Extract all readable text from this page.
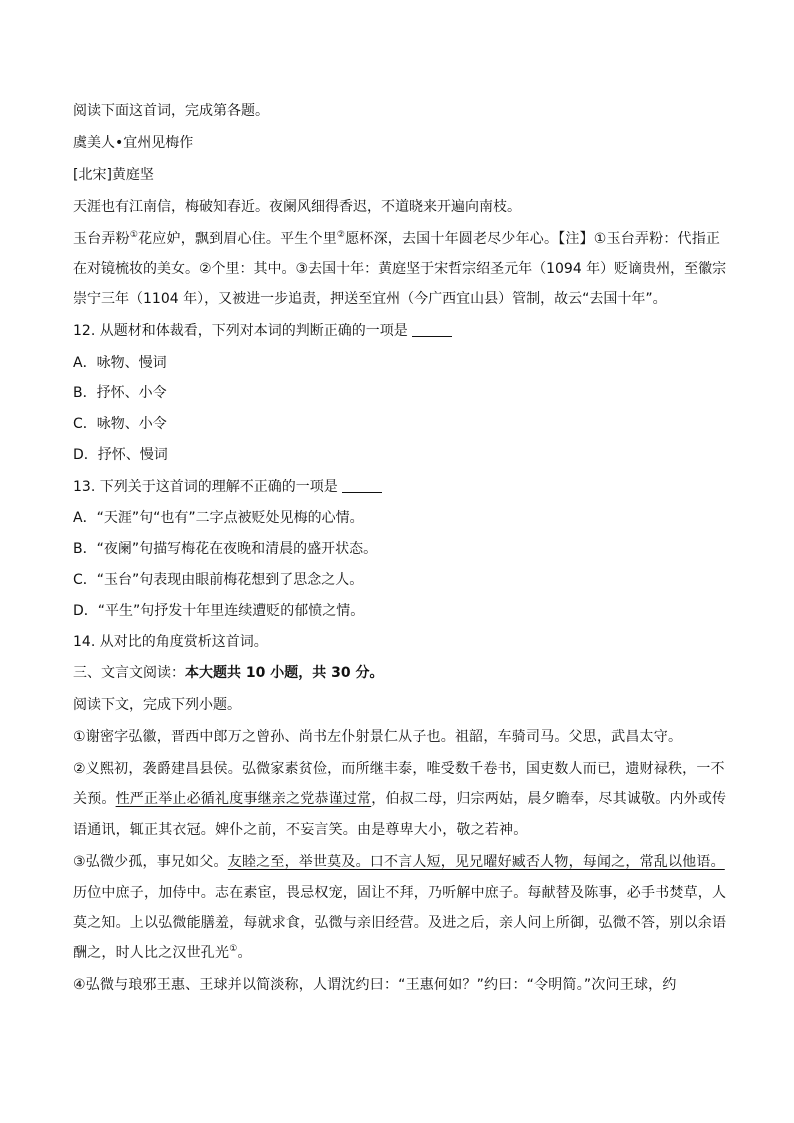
阅读下面这首词，完成第各题。
虞美人•宜州见梅作
[北宋]黄庭坚
天涯也有江南信，梅破知春近。夜阑风细得香迟，不道晓来开遍向南枝。
玉台弄粉①花应妒，飘到眉心住。平生个里②愿杯深，去国十年圆老尽少年心。【注】①玉台弄粉：代指正
在对镜梳妆的美女。②个里：其中。③去国十年：黄庭坚于宋哲宗绍圣元年（1094 年）贬谪贵州，至徽宗
崇宁三年（1104 年），又被进一步追责，押送至宜州（今广西宜山县）管制，故云“去国十年”。
12. 从题材和体裁看，下列对本词的判断正确的一项是
A．咏物、慢词
B．抒怀、小令
C．咏物、小令
D．抒怀、慢词
13. 下列关于这首词的理解不正确的一项是
A．“天涯”句“也有”二字点被贬处见梅的心情。
B．“夜阑”句描写梅花在夜晚和清晨的盛开状态。
C．“玉台”句表现由眼前梅花想到了思念之人。
D．“平生”句抒发十年里连续遭贬的郁愤之情。
14. 从对比的角度赏析这首词。
三、文言文阅读：本大题共 10 小题，共 30 分。
阅读下文，完成下列小题。
①谢密字弘徽，晋西中郎万之曾孙、尚书左仆射景仁从子也。祖韶，车骑司马。父思，武昌太守。
②义熙初，袭爵建昌县侯。弘微家素贫俭，而所继丰泰，唯受数千卷书，国吏数人而已，遗财禄秩，一不
关预。性严正举止必循礼度事继亲之党恭谨过常，伯叔二母，归宗两姑，晨夕瞻奉，尽其诚敬。内外或传
语通讯，辄正其衣冠。婢仆之前，不妄言笑。由是尊卑大小，敬之若神。
③弘微少孤，事兄如父。友睦之至，举世莫及。口不言人短，见兄曜好臧否人物，每闻之，常乱以他语。
历位中庶子，加侍中。志在素宦，畏忌权宠，固让不拜，乃听解中庶子。每献替及陈事，必手书焚草，人
莫之知。上以弘微能膳羞，每就求食，弘微与亲旧经营。及进之后，亲人问上所御，弘微不答，别以余语
酬之，时人比之汉世孔光①。
④弘微与琅邪王惠、王球并以简淡称，人谓沈约曰：“王惠何如？”约曰：“令明简。”次问王球，约
